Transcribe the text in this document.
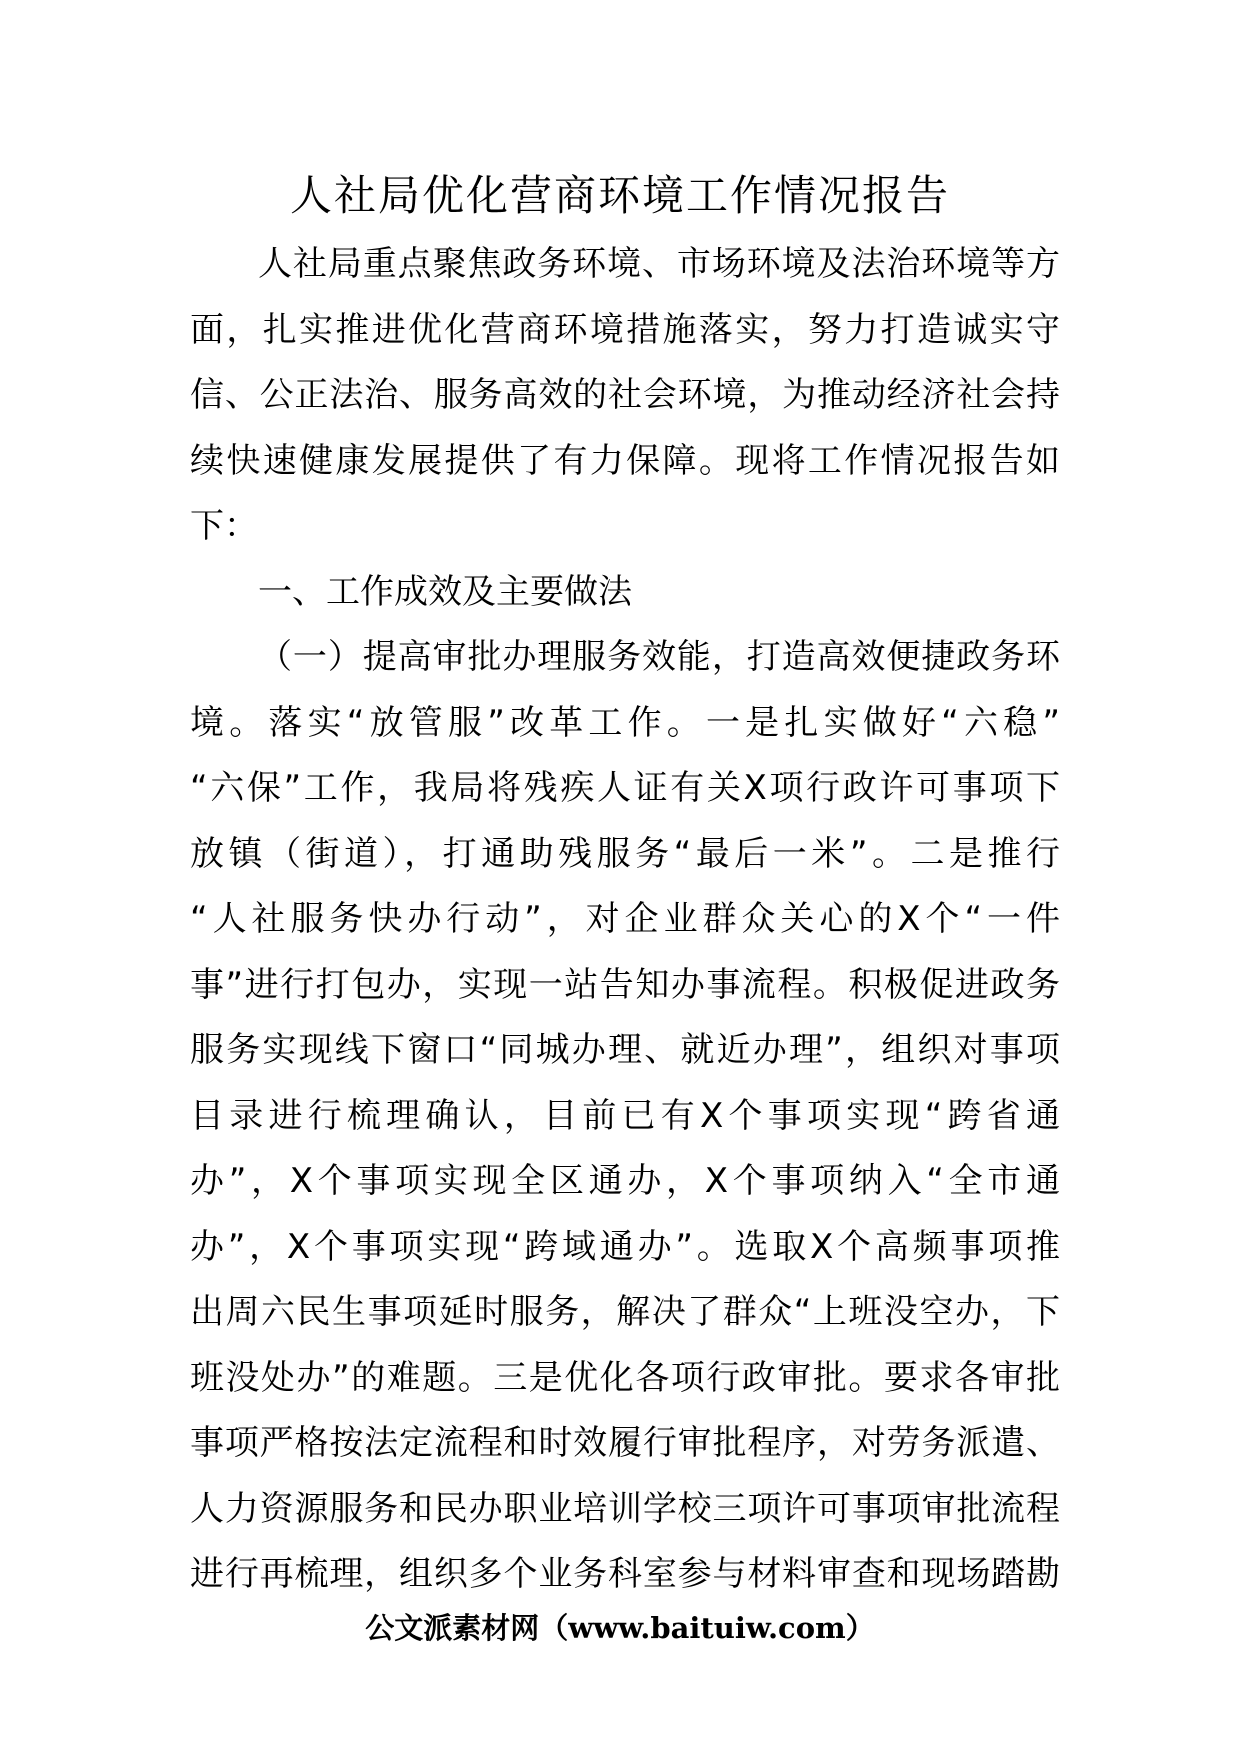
人社局优化营商环境工作情况报告
人社局重点聚焦政务环境、市场环境及法治环境等方
面，扎实推进优化营商环境措施落实，努力打造诚实守
信、公正法治、服务高效的社会环境，为推动经济社会持
续快速健康发展提供了有力保障。现将工作情况报告如
下：
一、工作成效及主要做法
（一）提高审批办理服务效能，打造高效便捷政务环
境。落实“放管服”改革工作。一是扎实做好“六稳”
“六保”工作，我局将残疾人证有关X项行政许可事项下
放镇（街道），打通助残服务“最后一米”。二是推行
“人社服务快办行动”，对企业群众关心的X个“一件
事”进行打包办，实现一站告知办事流程。积极促进政务
服务实现线下窗口“同城办理、就近办理”，组织对事项
目录进行梳理确认，目前已有X个事项实现“跨省通
办”，X个事项实现全区通办，X个事项纳入“全市通
办”，X个事项实现“跨域通办”。选取X个高频事项推
出周六民生事项延时服务，解决了群众“上班没空办，下
班没处办”的难题。三是优化各项行政审批。要求各审批
事项严格按法定流程和时效履行审批程序，对劳务派遣、
人力资源服务和民办职业培训学校三项许可事项审批流程
进行再梳理，组织多个业务科室参与材料审查和现场踏勘
公文派素材网（www.baituiw.com）
